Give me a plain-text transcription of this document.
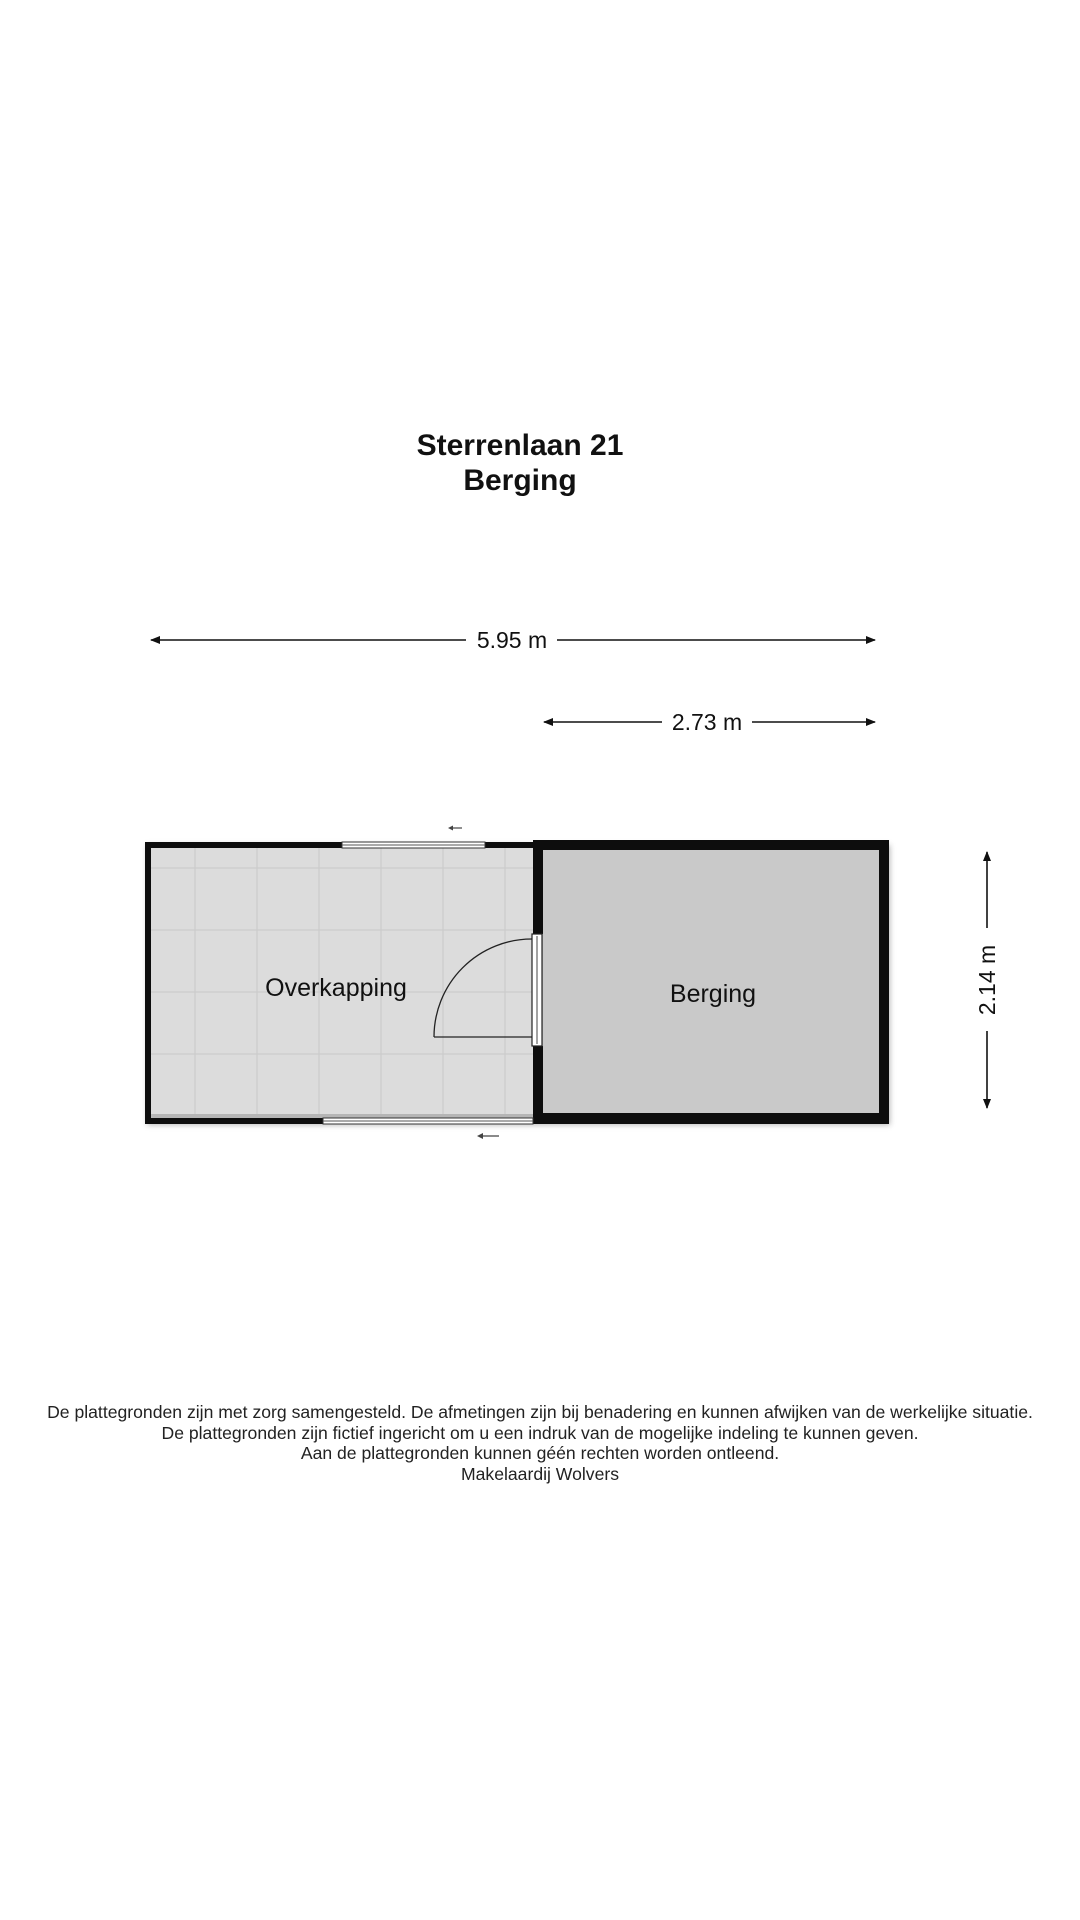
Sterrenlaan 21
Berging
5.95 m
2.73 m
2.14 m
Overkapping	Berging
De plattegronden zijn met zorg samengesteld. De afmetingen zijn bij benadering en kunnen afwijken van de werkelijke situatie.
De plattegronden zijn fictief ingericht om u een indruk van de mogelijke indeling te kunnen geven.
Aan de plattegronden kunnen géén rechten worden ontleend.
Makelaardij Wolvers
